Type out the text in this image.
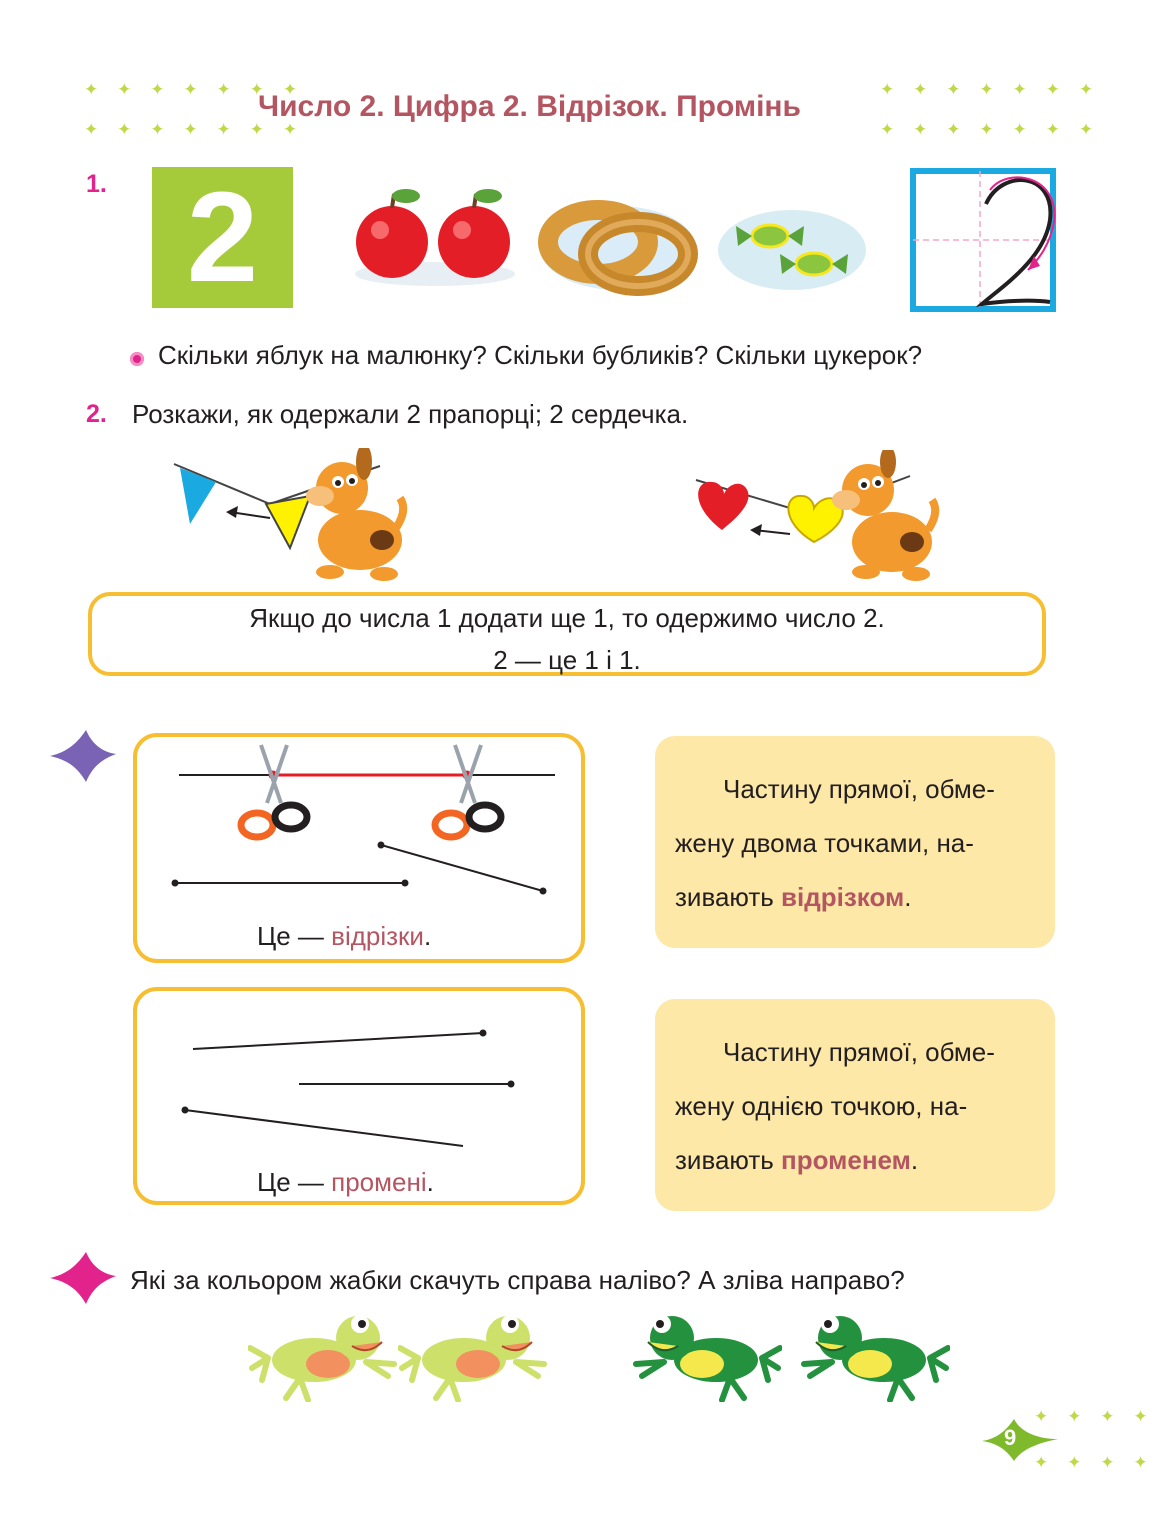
✦    ✦    ✦    ✦    ✦    ✦    ✦	✦    ✦    ✦    ✦    ✦    ✦    ✦
✦    ✦    ✦    ✦    ✦    ✦    ✦	✦    ✦    ✦    ✦    ✦    ✦    ✦
Число 2. Цифра 2. Відрізок. Промінь
1. 2
Скільки яблук на малюнку? Скільки бубликів? Скільки цукерок?
2. Розкажи, як одержали 2 прапорці; 2 сердечка.
Якщо до числа 1 додати ще 1, то одержимо число 2.
2 — це 1 і 1.
Це — відрізки.
Частину прямої, обме-
жену двома точками, на-
зивають відрізком.
Це — промені.
Частину прямої, обме-
жену однією точкою, на-
зивають променем.
Які за кольором жабки скачуть справа наліво? А зліва направо?
✦    ✦    ✦    ✦
✦    ✦    ✦    ✦
9
